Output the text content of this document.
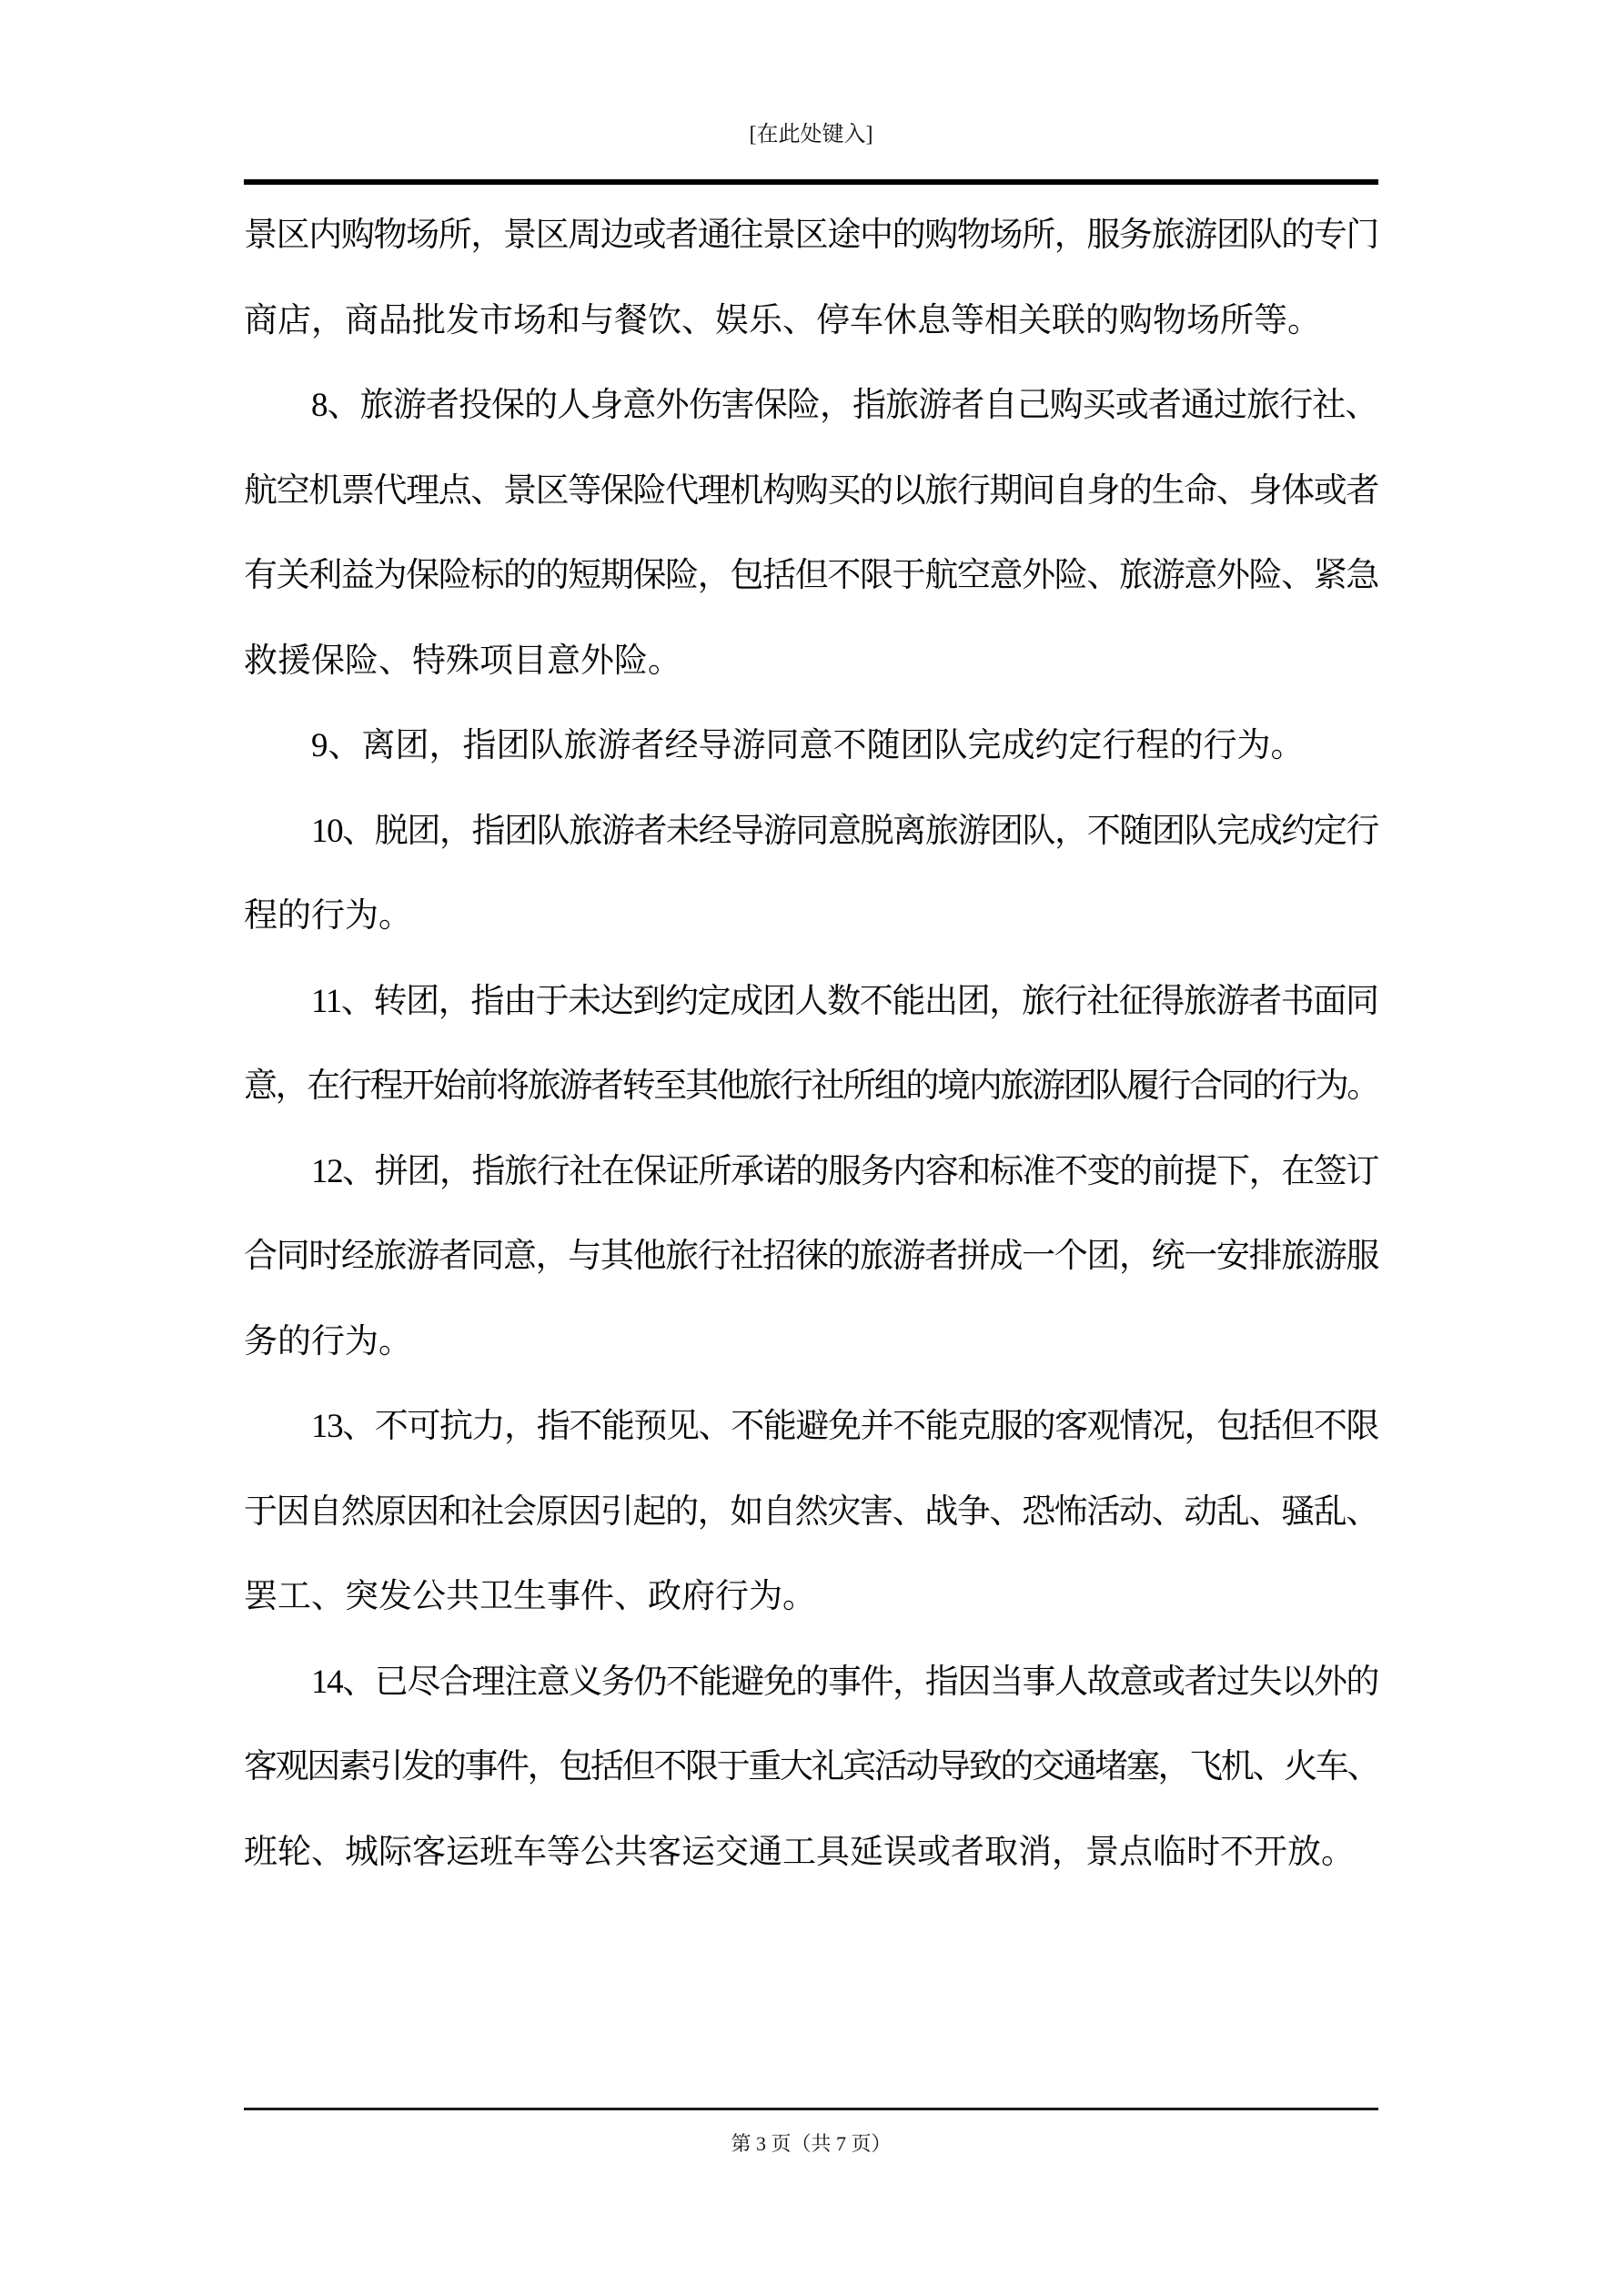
[在此处键入]
景区内购物场所，景区周边或者通往景区途中的购物场所，服务旅游团队的专门
商店，商品批发市场和与餐饮、娱乐、停车休息等相关联的购物场所等。
8、旅游者投保的人身意外伤害保险，指旅游者自己购买或者通过旅行社、
航空机票代理点、景区等保险代理机构购买的以旅行期间自身的生命、身体或者
有关利益为保险标的的短期保险，包括但不限于航空意外险、旅游意外险、紧急
救援保险、特殊项目意外险。
9、离团，指团队旅游者经导游同意不随团队完成约定行程的行为。
10、脱团，指团队旅游者未经导游同意脱离旅游团队，不随团队完成约定行
程的行为。
11、转团，指由于未达到约定成团人数不能出团，旅行社征得旅游者书面同
意，在行程开始前将旅游者转至其他旅行社所组的境内旅游团队履行合同的行为。
12、拼团，指旅行社在保证所承诺的服务内容和标准不变的前提下，在签订
合同时经旅游者同意，与其他旅行社招徕的旅游者拼成一个团，统一安排旅游服
务的行为。
13、不可抗力，指不能预见、不能避免并不能克服的客观情况，包括但不限
于因自然原因和社会原因引起的，如自然灾害、战争、恐怖活动、动乱、骚乱、
罢工、突发公共卫生事件、政府行为。
14、已尽合理注意义务仍不能避免的事件，指因当事人故意或者过失以外的
客观因素引发的事件，包括但不限于重大礼宾活动导致的交通堵塞，飞机、火车、
班轮、城际客运班车等公共客运交通工具延误或者取消，景点临时不开放。
第 3 页（共 7 页）
